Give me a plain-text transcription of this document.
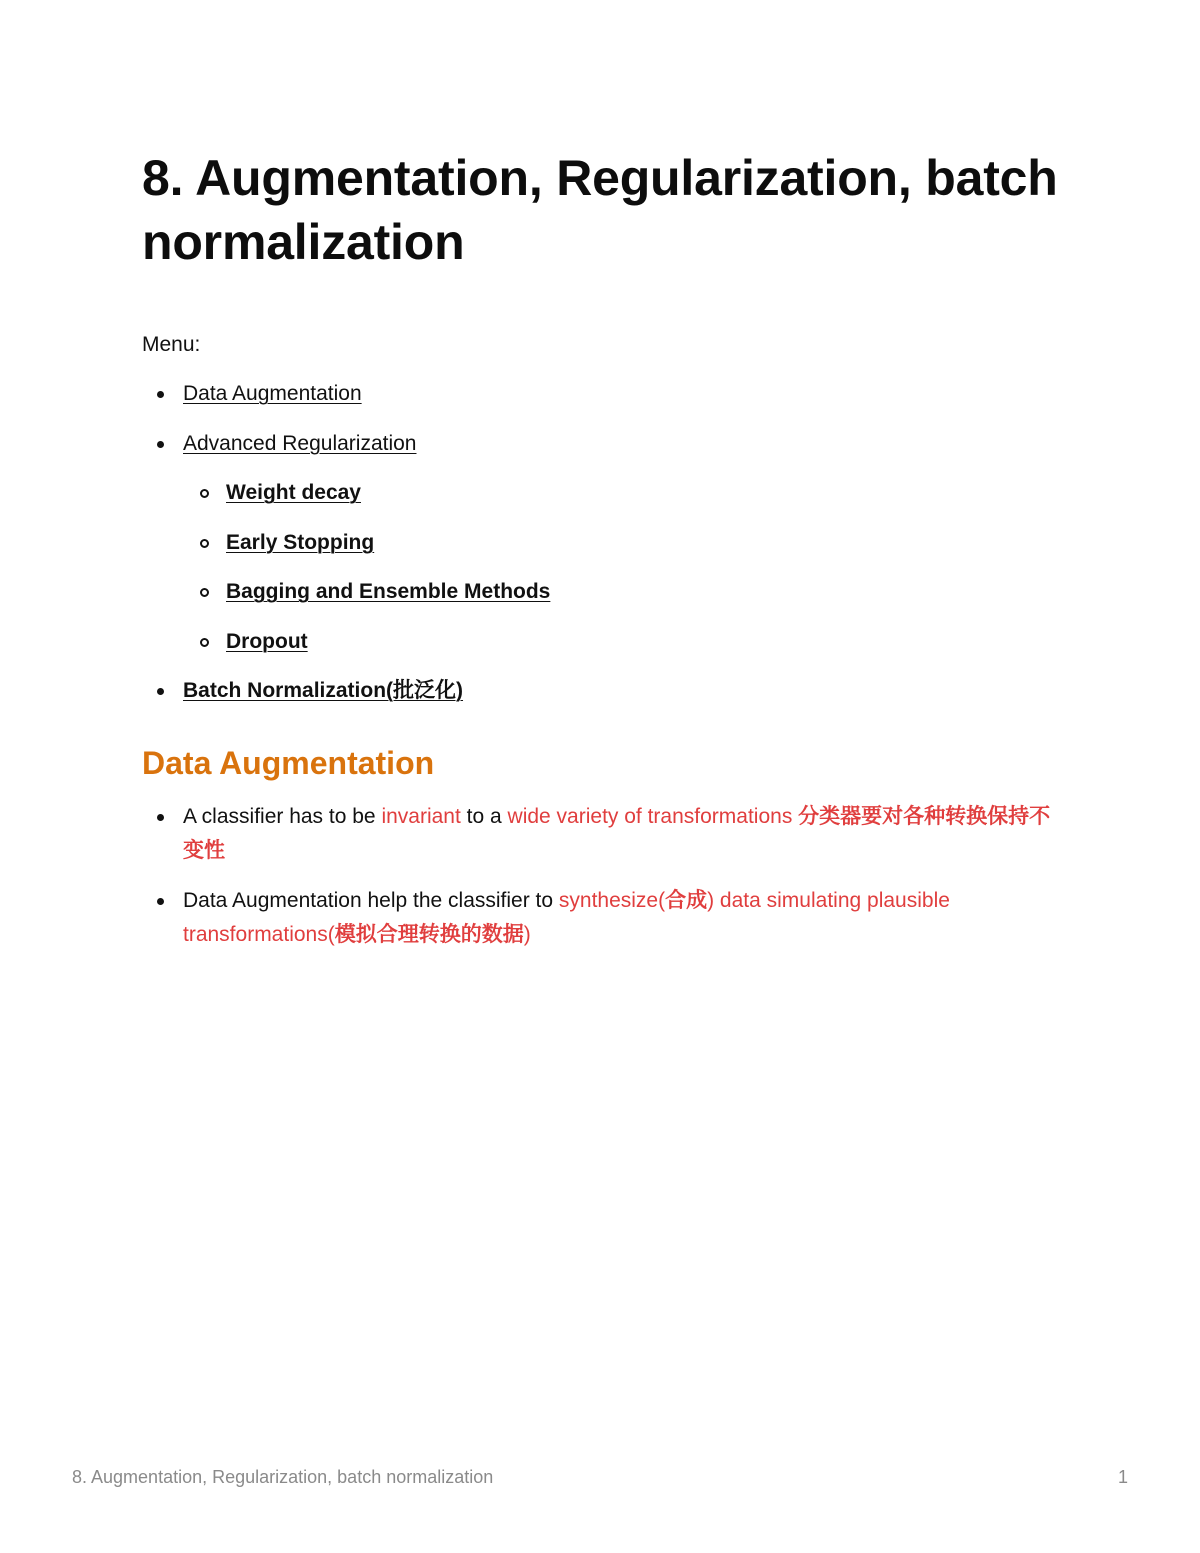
8. Augmentation, Regularization, batch normalization
Menu:
Data Augmentation
Advanced Regularization
Weight decay
Early Stopping
Bagging and Ensemble Methods
Dropout
Batch Normalization(批泛化)
Data Augmentation
A classifier has to be invariant to a wide variety of transformations 分类器要对各种转换保持不变性
Data Augmentation help the classifier to synthesize(合成) data simulating plausible transformations(模拟合理转换的数据)
8. Augmentation, Regularization, batch normalization	1
